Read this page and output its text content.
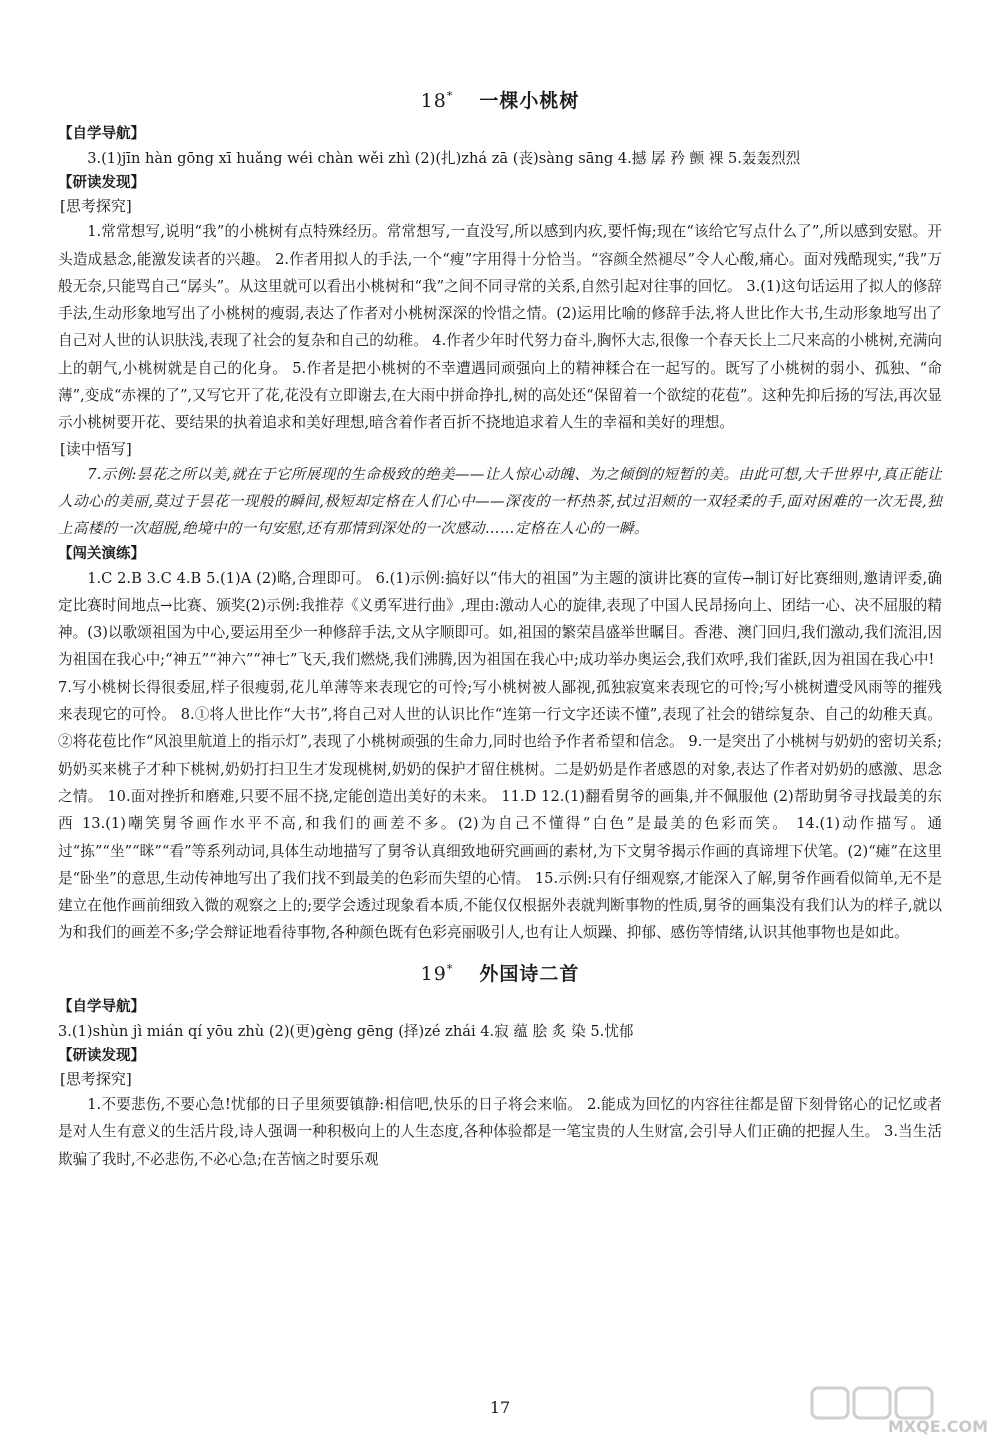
18* 一棵小桃树
【自学导航】

3.(1)jīn hàn gōng xī huǎng wéi chàn wěi zhì (2)(扎)zhá zā (丧)sàng sāng 4.撼 孱 矜 颤 裸 5.轰轰烈烈

【研读发现】
[思考探究]

1.常常想写,说明“我”的小桃树有点特殊经历。常常想写,一直没写,所以感到内疚,要忏悔;现在“该给它写点什么了”,所以感到安慰。开头造成悬念,能激发读者的兴趣。 2.作者用拟人的手法,一个“瘦”字用得十分恰当。“容颜全然褪尽”令人心酸,痛心。面对残酷现实,“我”万般无奈,只能骂自己“孱头”。从这里就可以看出小桃树和“我”之间不同寻常的关系,自然引起对往事的回忆。 3.(1)这句话运用了拟人的修辞手法,生动形象地写出了小桃树的瘦弱,表达了作者对小桃树深深的怜惜之情。(2)运用比喻的修辞手法,将人世比作大书,生动形象地写出了自己对人世的认识肤浅,表现了社会的复杂和自己的幼稚。 4.作者少年时代努力奋斗,胸怀大志,很像一个春天长上二尺来高的小桃树,充满向上的朝气,小桃树就是自己的化身。 5.作者是把小桃树的不幸遭遇同顽强向上的精神糅合在一起写的。既写了小桃树的弱小、孤独、“命薄”,变成“赤裸的了”,又写它开了花,花没有立即谢去,在大雨中拼命挣扎,树的高处还“保留着一个欲绽的花苞”。这种先抑后扬的写法,再次显示小桃树要开花、要结果的执着追求和美好理想,暗含着作者百折不挠地追求着人生的幸福和美好的理想。

[读中悟写]

7.示例:昙花之所以美,就在于它所展现的生命极致的绝美——让人惊心动魄、为之倾倒的短暂的美。由此可想,大千世界中,真正能让人动心的美丽,莫过于昙花一现般的瞬间,极短却定格在人们心中——深夜的一杯热茶,拭过泪颊的一双轻柔的手,面对困难的一次无畏,独上高楼的一次超脱,绝境中的一句安慰,还有那情到深处的一次感动……定格在人心的一瞬。

【闯关演练】

1.C 2.B 3.C 4.B 5.(1)A (2)略,合理即可。 6.(1)示例:搞好以“伟大的祖国”为主题的演讲比赛的宣传→制订好比赛细则,邀请评委,确定比赛时间地点→比赛、颁奖(2)示例:我推荐《义勇军进行曲》,理由:激动人心的旋律,表现了中国人民昂扬向上、团结一心、决不屈服的精神。(3)以歌颂祖国为中心,要运用至少一种修辞手法,文从字顺即可。如,祖国的繁荣昌盛举世瞩目。香港、澳门回归,我们激动,我们流泪,因为祖国在我心中;“神五”“神六”“神七”飞天,我们燃烧,我们沸腾,因为祖国在我心中;成功举办奥运会,我们欢呼,我们雀跃,因为祖国在我心中!

7.写小桃树长得很委屈,样子很瘦弱,花儿单薄等来表现它的可怜;写小桃树被人鄙视,孤独寂寞来表现它的可怜;写小桃树遭受风雨等的摧残来表现它的可怜。 8.①将人世比作“大书”,将自己对人世的认识比作“连第一行文字还读不懂”,表现了社会的错综复杂、自己的幼稚天真。②将花苞比作“风浪里航道上的指示灯”,表现了小桃树顽强的生命力,同时也给予作者希望和信念。 9.一是突出了小桃树与奶奶的密切关系;奶奶买来桃子才种下桃树,奶奶打扫卫生才发现桃树,奶奶的保护才留住桃树。二是奶奶是作者感恩的对象,表达了作者对奶奶的感激、思念之情。 10.面对挫折和磨难,只要不屈不挠,定能创造出美好的未来。 11.D 12.(1)翻看舅爷的画集,并不佩服他 (2)帮助舅爷寻找最美的东西 13.(1)嘲笑舅爷画作水平不高,和我们的画差不多。(2)为自己不懂得“白色”是最美的色彩而笑。 14.(1)动作描写。通过“拣”“坐”“眯”“看”等系列动词,具体生动地描写了舅爷认真细致地研究画画的素材,为下文舅爷揭示作画的真谛埋下伏笔。(2)“瘫”在这里是“卧坐”的意思,生动传神地写出了我们找不到最美的色彩而失望的心情。 15.示例:只有仔细观察,才能深入了解,舅爷作画看似简单,无不是建立在他作画前细致入微的观察之上的;要学会透过现象看本质,不能仅仅根据外表就判断事物的性质,舅爷的画集没有我们认为的样子,就以为和我们的画差不多;学会辩证地看待事物,各种颜色既有色彩亮丽吸引人,也有让人烦躁、抑郁、感伤等情绪,认识其他事物也是如此。

19* 外国诗二首
【自学导航】

3.(1)shùn jì mián qí yōu zhù (2)(更)gèng gēng (择)zé zhái 4.寂 蕴 脍 炙 染 5.忧郁

【研读发现】
[思考探究]

1.不要悲伤,不要心急!忧郁的日子里须要镇静:相信吧,快乐的日子将会来临。 2.能成为回忆的内容往往都是留下刻骨铭心的记忆或者是对人生有意义的生活片段,诗人强调一种积极向上的人生态度,各种体验都是一笔宝贵的人生财富,会引导人们正确的把握人生。 3.当生活欺骗了我时,不必悲伤,不必心急;在苦恼之时要乐观

17
MXQE.COM
